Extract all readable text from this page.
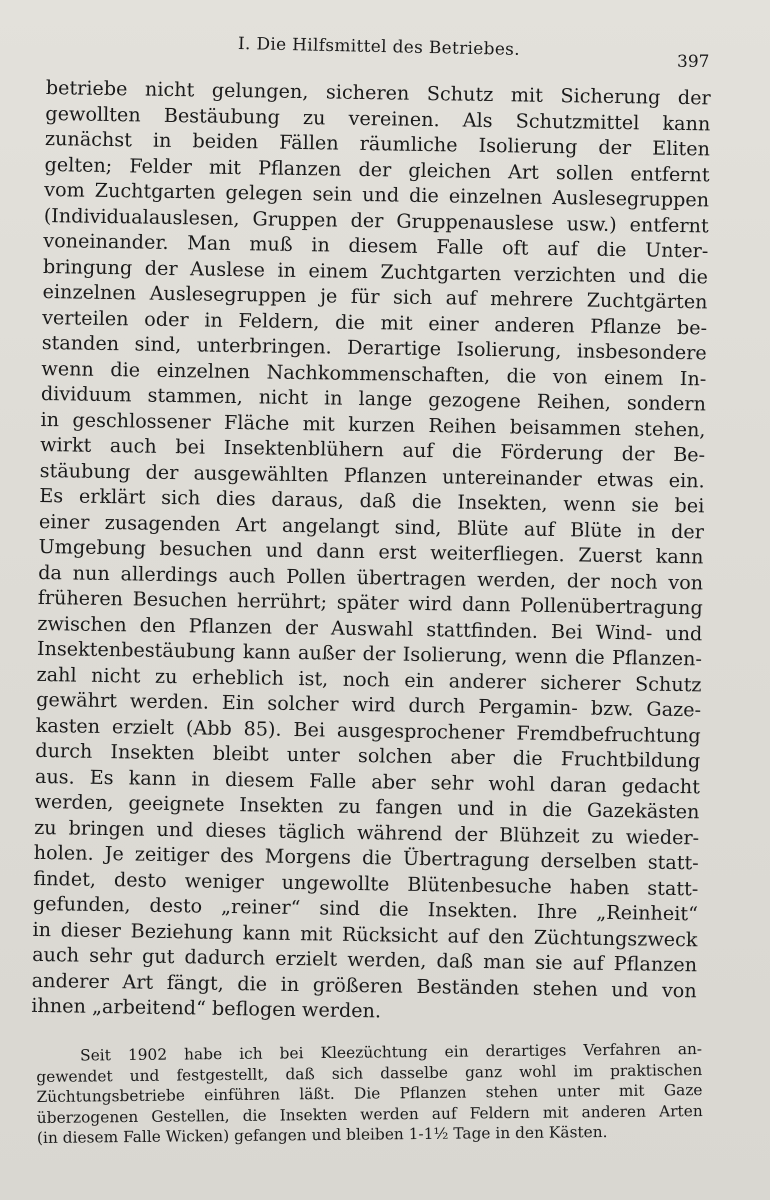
I. Die Hilfsmittel des Betriebes.
397
betriebe nicht gelungen, sicheren Schutz mit Sicherung der
gewollten Bestäubung zu vereinen. Als Schutzmittel kann
zunächst in beiden Fällen räumliche Isolierung der Eliten
gelten; Felder mit Pflanzen der gleichen Art sollen entfernt
vom Zuchtgarten gelegen sein und die einzelnen Auslesegruppen
(Individualauslesen, Gruppen der Gruppenauslese usw.) entfernt
voneinander. Man muß in diesem Falle oft auf die Unter-
bringung der Auslese in einem Zuchtgarten verzichten und die
einzelnen Auslesegruppen je für sich auf mehrere Zuchtgärten
verteilen oder in Feldern, die mit einer anderen Pflanze be-
standen sind, unterbringen. Derartige Isolierung, insbesondere
wenn die einzelnen Nachkommenschaften, die von einem In-
dividuum stammen, nicht in lange gezogene Reihen, sondern
in geschlossener Fläche mit kurzen Reihen beisammen stehen,
wirkt auch bei Insektenblühern auf die Förderung der Be-
stäubung der ausgewählten Pflanzen untereinander etwas ein.
Es erklärt sich dies daraus, daß die Insekten, wenn sie bei
einer zusagenden Art angelangt sind, Blüte auf Blüte in der
Umgebung besuchen und dann erst weiterfliegen. Zuerst kann
da nun allerdings auch Pollen übertragen werden, der noch von
früheren Besuchen herrührt; später wird dann Pollenübertragung
zwischen den Pflanzen der Auswahl stattfinden. Bei Wind- und
Insektenbestäubung kann außer der Isolierung, wenn die Pflanzen-
zahl nicht zu erheblich ist, noch ein anderer sicherer Schutz
gewährt werden. Ein solcher wird durch Pergamin- bzw. Gaze-
kasten erzielt (Abb 85). Bei ausgesprochener Fremdbefruchtung
durch Insekten bleibt unter solchen aber die Fruchtbildung
aus. Es kann in diesem Falle aber sehr wohl daran gedacht
werden, geeignete Insekten zu fangen und in die Gazekästen
zu bringen und dieses täglich während der Blühzeit zu wieder-
holen. Je zeitiger des Morgens die Übertragung derselben statt-
findet, desto weniger ungewollte Blütenbesuche haben statt-
gefunden, desto „reiner“ sind die Insekten. Ihre „Reinheit“
in dieser Beziehung kann mit Rücksicht auf den Züchtungszweck
auch sehr gut dadurch erzielt werden, daß man sie auf Pflanzen
anderer Art fängt, die in größeren Beständen stehen und von
ihnen „arbeitend“ beflogen werden.
Seit 1902 habe ich bei Kleezüchtung ein derartiges Verfahren an-
gewendet und festgestellt, daß sich dasselbe ganz wohl im praktischen
Züchtungsbetriebe einführen läßt. Die Pflanzen stehen unter mit Gaze
überzogenen Gestellen, die Insekten werden auf Feldern mit anderen Arten
(in diesem Falle Wicken) gefangen und bleiben 1-1½ Tage in den Kästen.
